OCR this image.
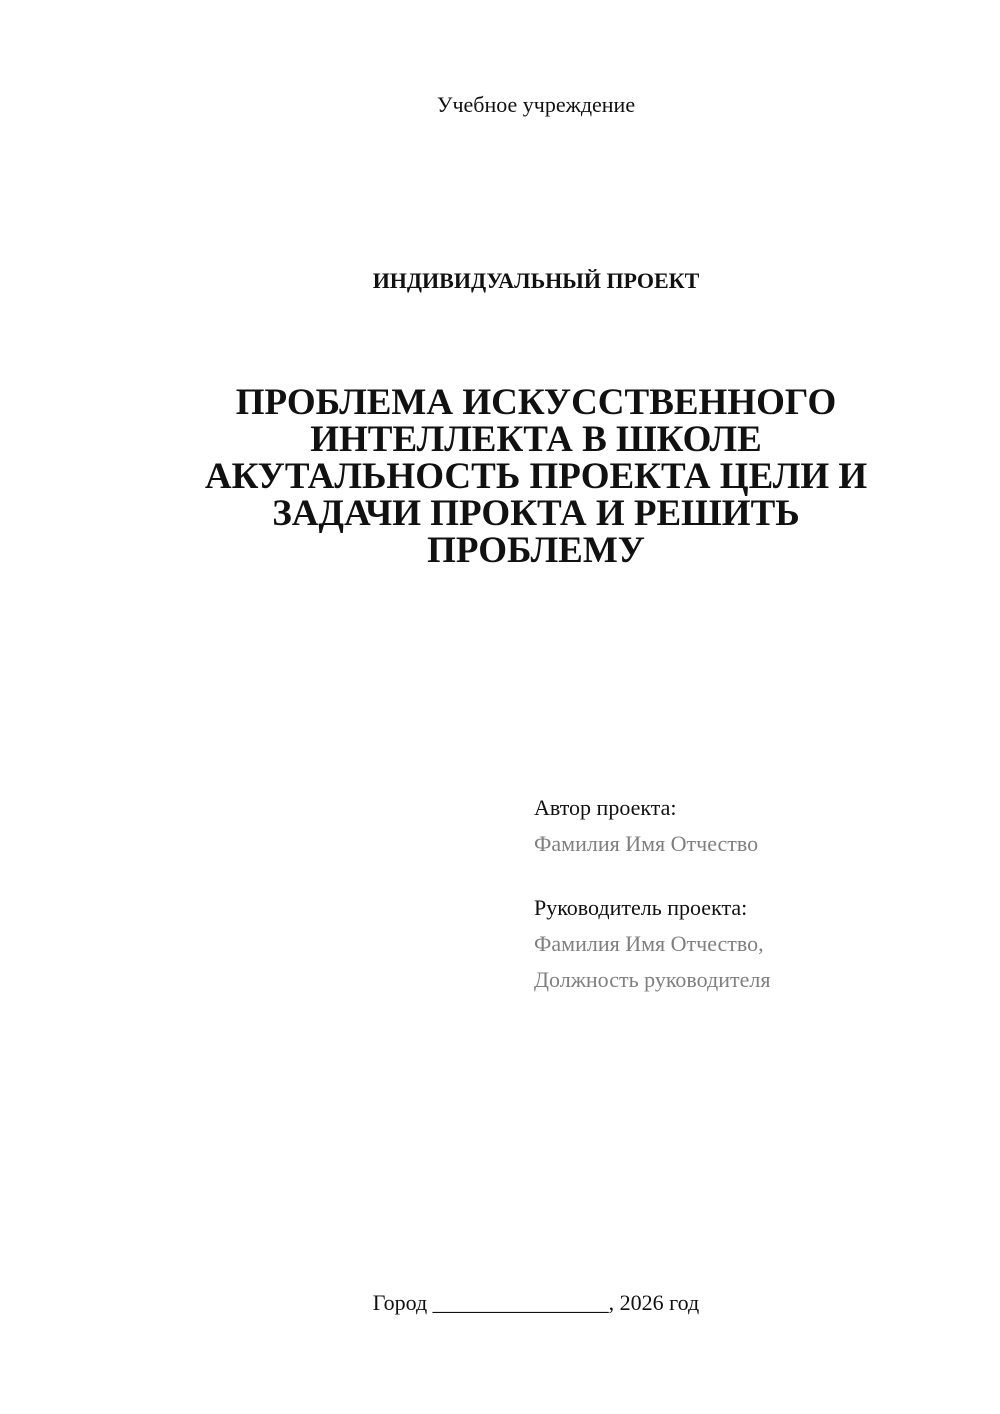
Учебное учреждение
ИНДИВИДУАЛЬНЫЙ ПРОЕКТ
ПРОБЛЕМА ИСКУССТВЕННОГО
ИНТЕЛЛЕКТА В ШКОЛЕ
АКУТАЛЬНОСТЬ ПРОЕКТА ЦЕЛИ И
ЗАДАЧИ ПРОКТА И РЕШИТЬ
ПРОБЛЕМУ
Автор проекта:
Фамилия Имя Отчество
Руководитель проекта:
Фамилия Имя Отчество,
Должность руководителя
Город ________________, 2026 год
